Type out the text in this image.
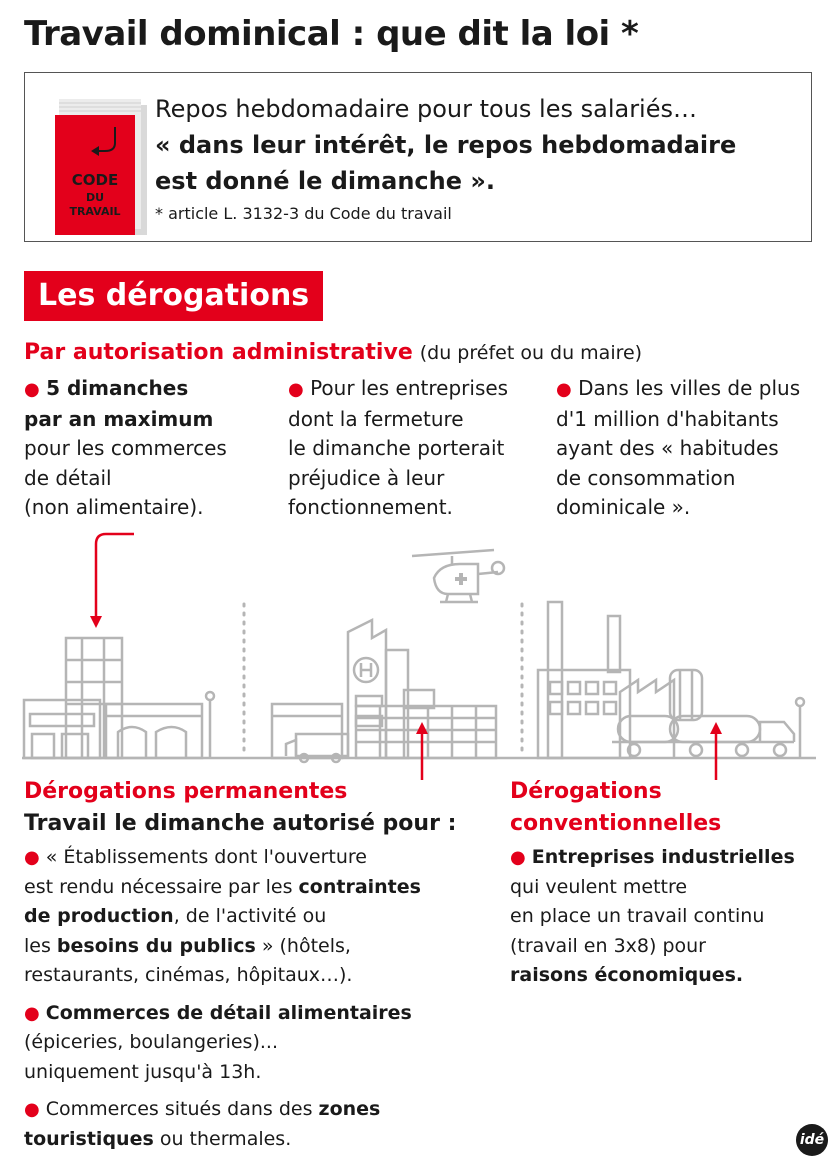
Travail dominical : que dit la loi *
CODE
DU
TRAVAIL
Repos hebdomadaire pour tous les salariés…
« dans leur intérêt, le repos hebdomadaire
est donné le dimanche ».
* article L. 3132-3 du Code du travail
Les dérogations
Par autorisation administrative (du préfet ou du maire)
● 5 dimanches
par an maximum
pour les commerces
de détail
(non alimentaire).
● Pour les entreprises
dont la fermeture
le dimanche porterait
préjudice à leur
fonctionnement.
● Dans les villes de plus
d'1 million d'habitants
ayant des « habitudes
de consommation
dominicale ».
Dérogations permanentes
Travail le dimanche autorisé pour :

● « Établissements dont l'ouverture
est rendu nécessaire par les contraintes
de production, de l'activité ou
les besoins du publics » (hôtels,
restaurants, cinémas, hôpitaux…).

● Commerces de détail alimentaires
(épiceries, boulangeries)...
uniquement jusqu'à 13h.

● Commerces situés dans des zones
touristiques ou thermales.

Dérogations
conventionnelles
● Entreprises industrielles
qui veulent mettre
en place un travail continu
(travail en 3x8) pour
raisons économiques.
idé
